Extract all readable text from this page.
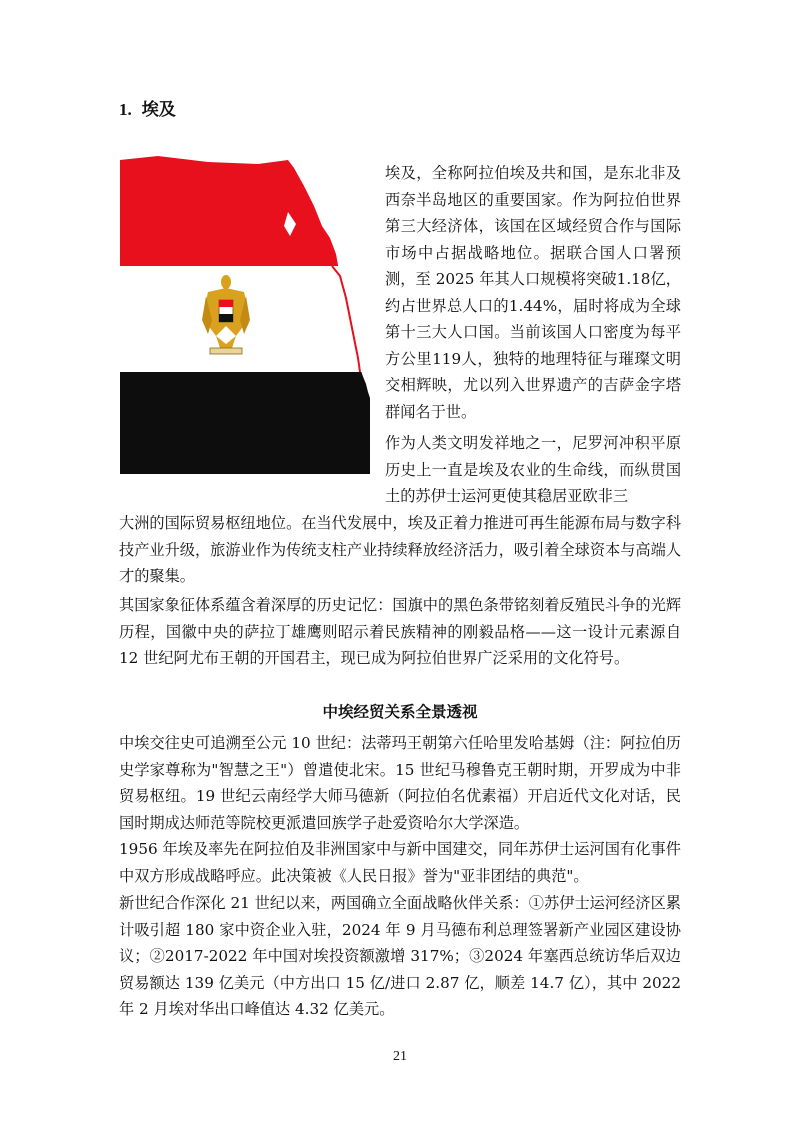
1. 埃及

埃及，全称阿拉伯埃及共和国，是东北非及西奈半岛地区的重要国家。作为阿拉伯世界第三大经济体，该国在区域经贸合作与国际市场中占据战略地位。据联合国人口署预测，至 2025 年其人口规模将突破1.18亿，约占世界总人口的1.44%，届时将成为全球第十三大人口国。当前该国人口密度为每平方公里119人，独特的地理特征与璀璨文明交相辉映，尤以列入世界遗产的吉萨金字塔群闻名于世。

作为人类文明发祥地之一，尼罗河冲积平原历史上一直是埃及农业的生命线，而纵贯国土的苏伊士运河更使其稳居亚欧非三

大洲的国际贸易枢纽地位。在当代发展中，埃及正着力推进可再生能源布局与数字科技产业升级，旅游业作为传统支柱产业持续释放经济活力，吸引着全球资本与高端人才的聚集。

其国家象征体系蕴含着深厚的历史记忆：国旗中的黑色条带铭刻着反殖民斗争的光辉历程，国徽中央的萨拉丁雄鹰则昭示着民族精神的刚毅品格——这一设计元素源自 12 世纪阿尤布王朝的开国君主，现已成为阿拉伯世界广泛采用的文化符号。

中埃经贸关系全景透视

中埃交往史可追溯至公元 10 世纪：法蒂玛王朝第六任哈里发哈基姆（注：阿拉伯历史学家尊称为"智慧之王"）曾遣使北宋。15 世纪马穆鲁克王朝时期，开罗成为中非贸易枢纽。19 世纪云南经学大师马德新（阿拉伯名优素福）开启近代文化对话，民国时期成达师范等院校更派遣回族学子赴爱资哈尔大学深造。

1956 年埃及率先在阿拉伯及非洲国家中与新中国建交，同年苏伊士运河国有化事件中双方形成战略呼应。此决策被《人民日报》誉为"亚非团结的典范"。

新世纪合作深化 21 世纪以来，两国确立全面战略伙伴关系：①苏伊士运河经济区累计吸引超 180 家中资企业入驻，2024 年 9 月马德布利总理签署新产业园区建设协议；②2017-2022 年中国对埃投资额激增 317%；③2024 年塞西总统访华后双边贸易额达 139 亿美元（中方出口 15 亿/进口 2.87 亿，顺差 14.7 亿），其中 2022 年 2 月埃对华出口峰值达 4.32 亿美元。

21
